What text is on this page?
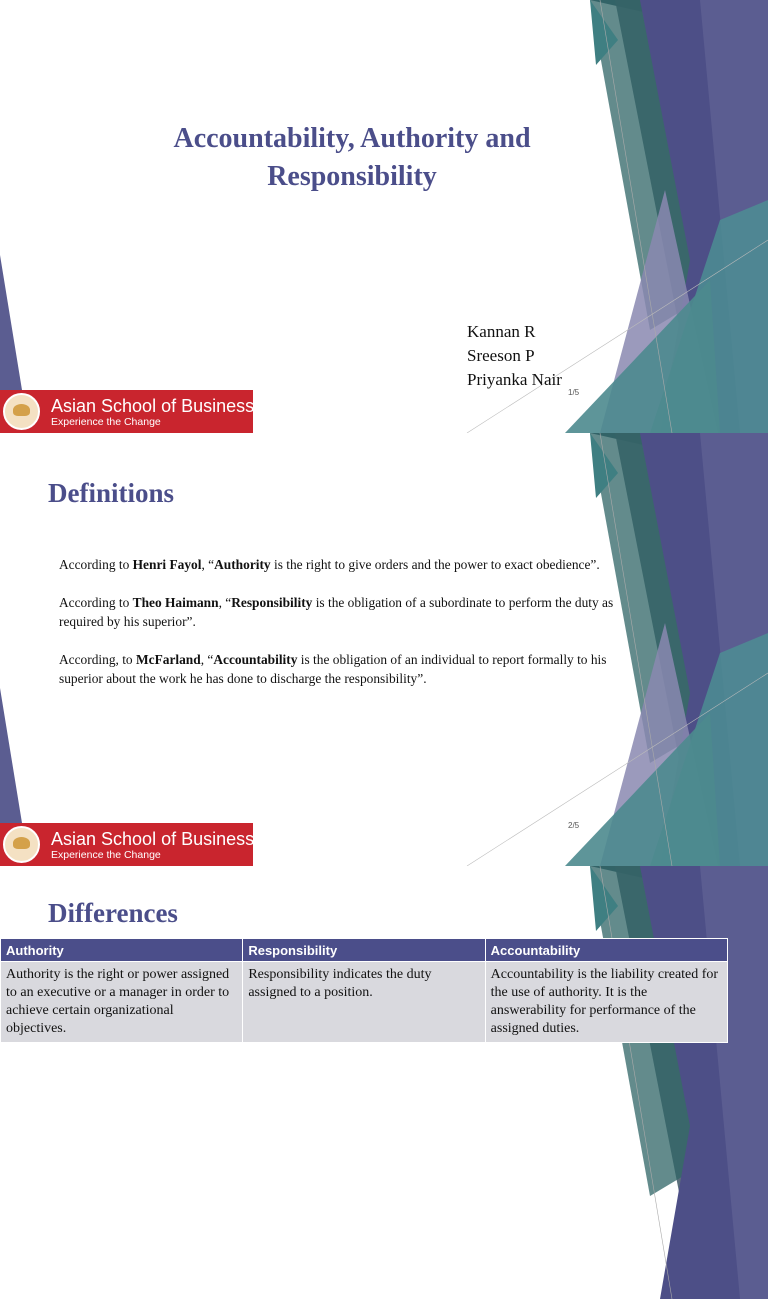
Accountability, Authority and Responsibility
Kannan R
Sreeson P
Priyanka Nair
1/5
Asian School of Business
Experience the Change
Definitions

According to Henri Fayol, “Authority is the right to give orders and the power to exact obedience”.

According to Theo Haimann, “Responsibility is the obligation of a subordinate to perform the duty as required by his superior”.

According, to McFarland, “Accountability is the obligation of an individual to report formally to his superior about the work he has done to discharge the responsibility”.

2/5
Asian School of Business
Experience the Change
Differences
Authority	Responsibility	Accountability
Authority is the right or power assigned to an executive or a manager in order to achieve certain organizational objectives.	Responsibility indicates the duty assigned to a position.	Accountability is the liability created for the use of authority. It is the answerability for performance of the assigned duties.
